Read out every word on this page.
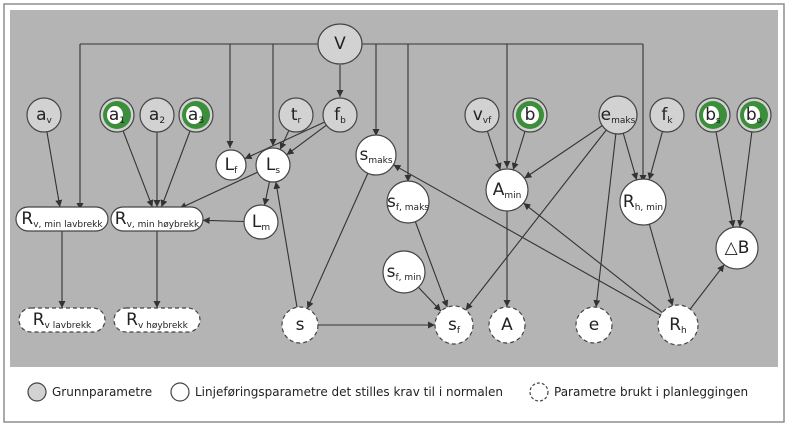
V
av	a1 a2 a3	tr fb
Lf Ls
Lm
smaks
vvf b	emaks fk bs bo
Amin
sf, maks	Rh, min
△B
sf, min
Rv, min lavbrekk Rv, min høybrekk
Rv lavbrekk Rv høybrekk	s	sf A	e	Rh
Grunnparametre	Linjeføringsparametre det stilles krav til i normalen	Parametre brukt i planleggingen
